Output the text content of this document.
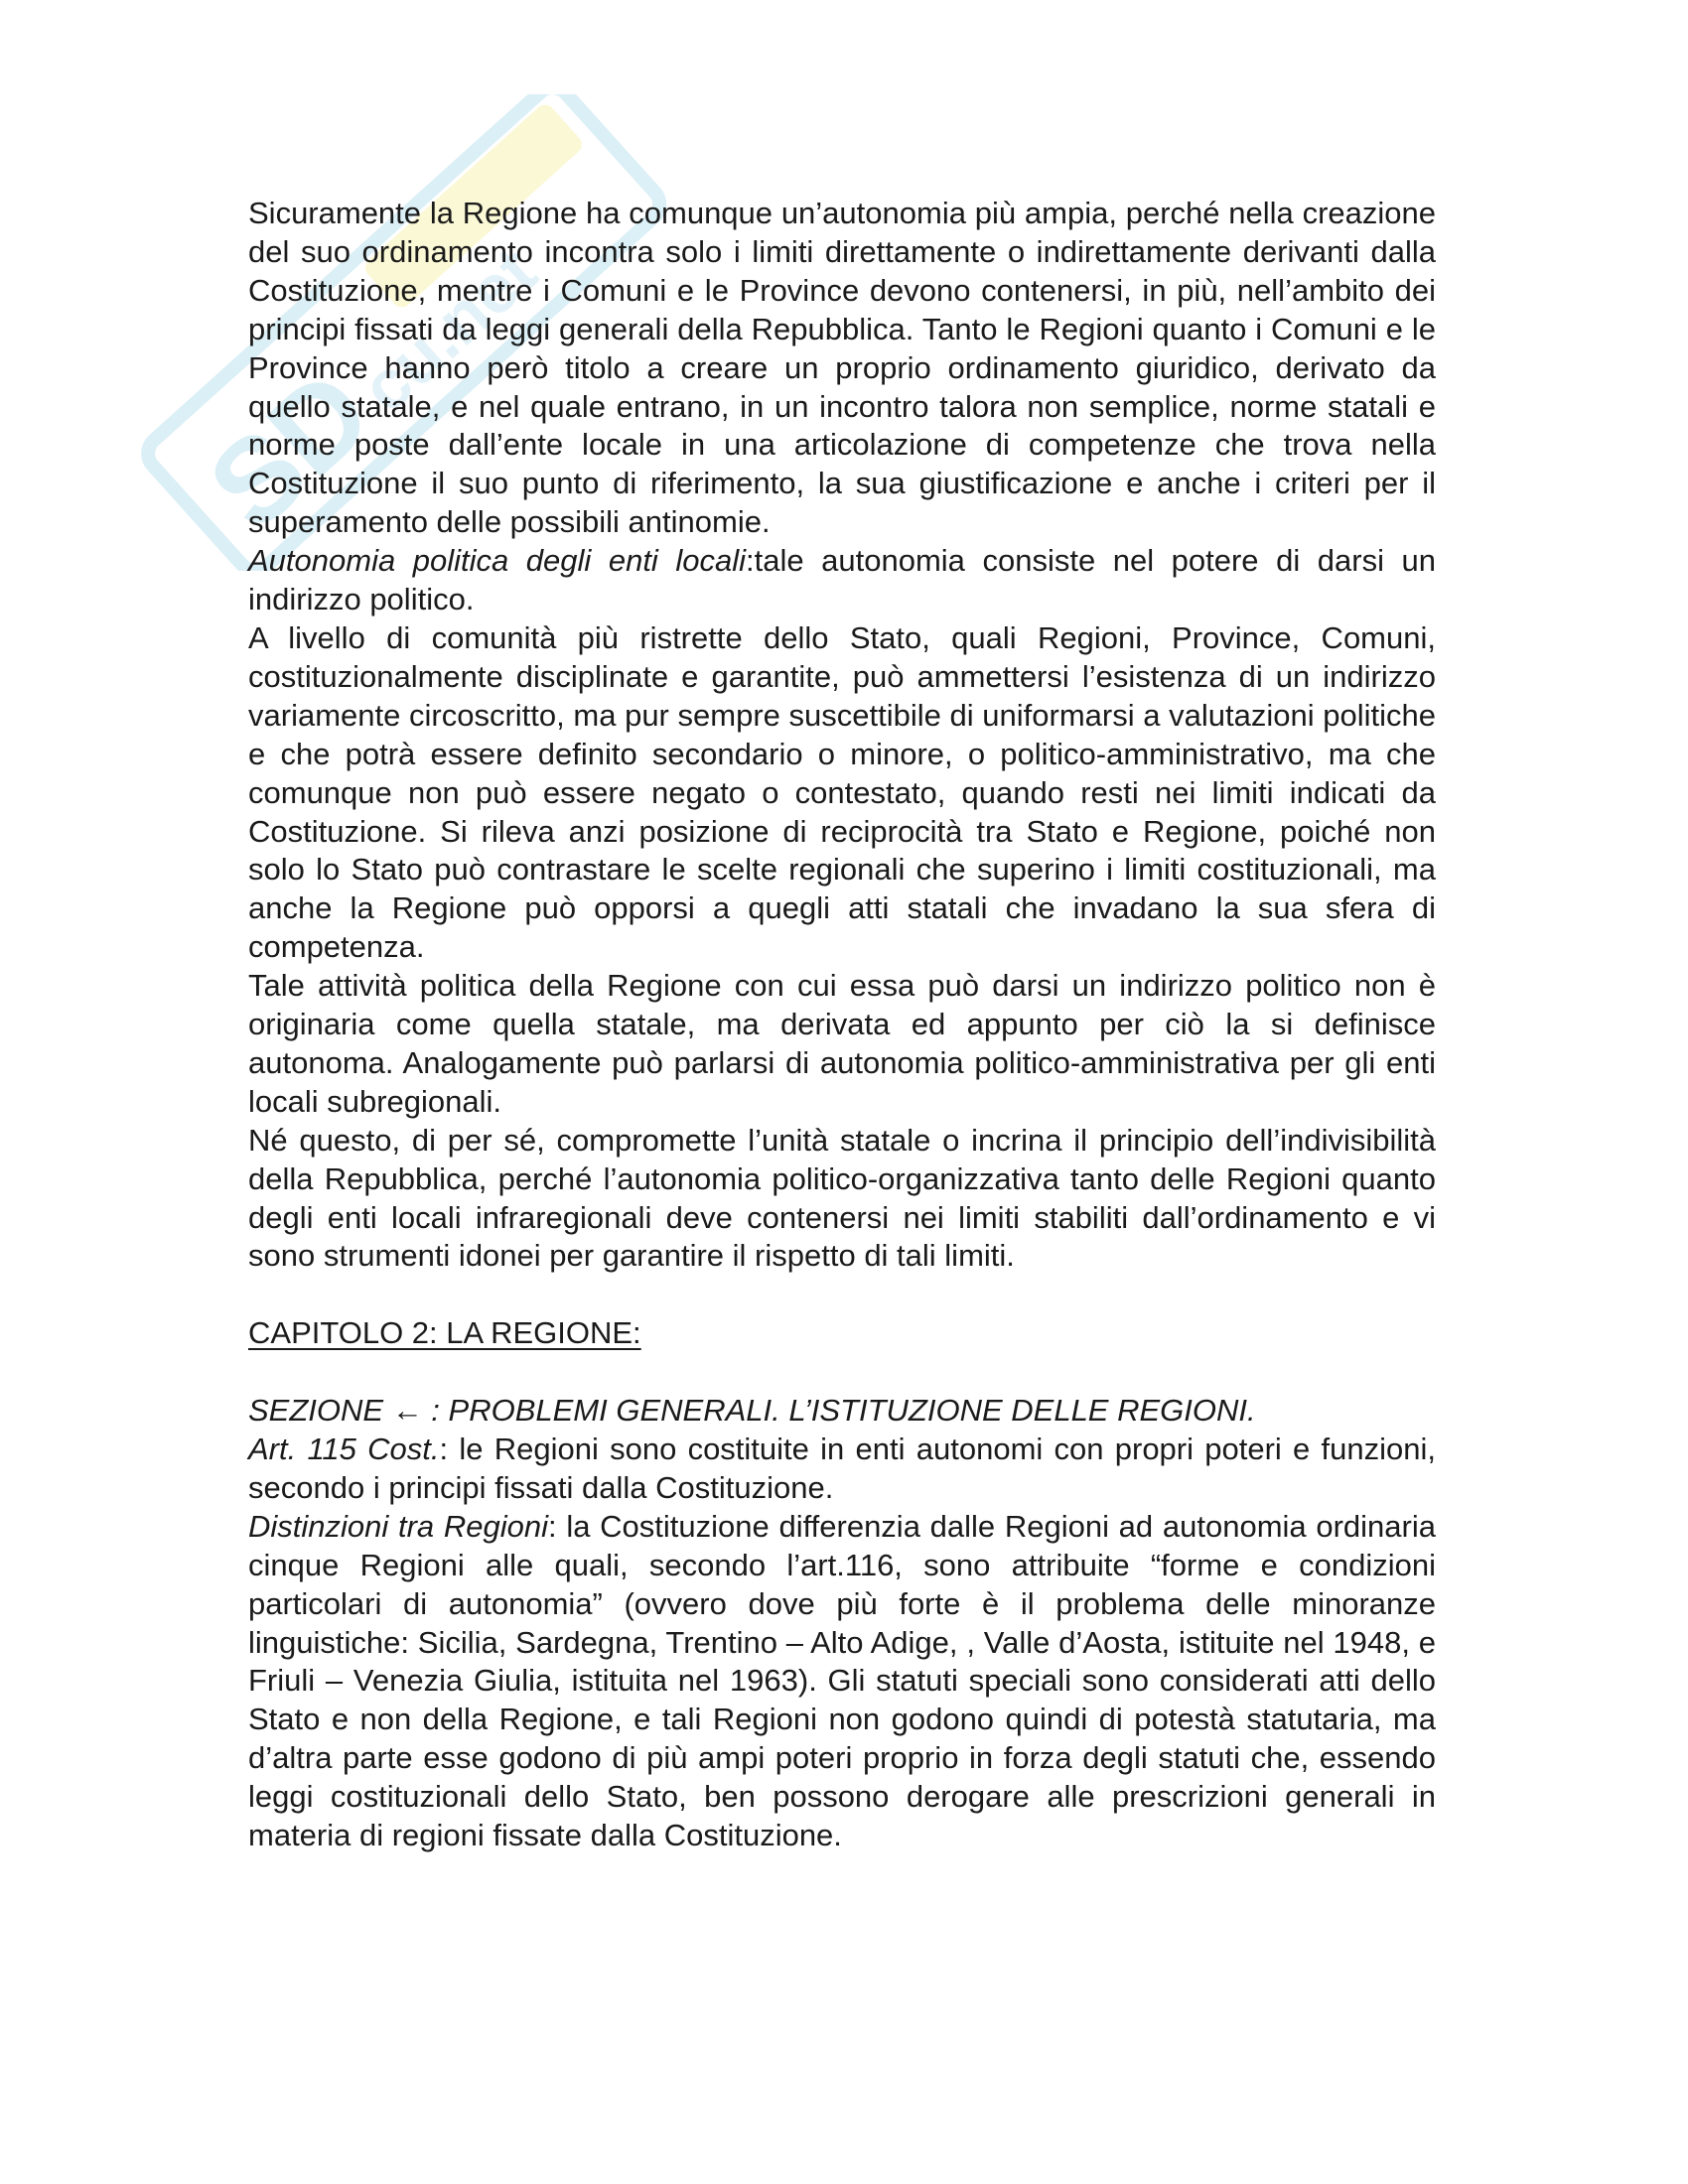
SD
cu.net

Sicuramente la Regione ha comunque un’autonomia più ampia, perché nella creazione del suo ordinamento incontra solo i limiti direttamente o indirettamente derivanti dalla Costituzione, mentre i Comuni e le Province devono contenersi, in più, nell’ambito dei principi fissati da leggi generali della Repubblica. Tanto le Regioni quanto i Comuni e le Province hanno però titolo a creare un proprio ordinamento giuridico, derivato da quello statale, e nel quale entrano, in un incontro talora non semplice, norme statali e norme poste dall’ente locale in una articolazione di competenze che trova nella Costituzione il suo punto di riferimento, la sua giustificazione e anche i criteri per il superamento delle possibili antinomie.

Autonomia politica degli enti locali:tale autonomia consiste nel potere di darsi un indirizzo politico.

A livello di comunità più ristrette dello Stato, quali Regioni, Province, Comuni, costituzionalmente disciplinate e garantite, può ammettersi l’esistenza di un indirizzo variamente circoscritto, ma pur sempre suscettibile di uniformarsi a valutazioni politiche e che potrà essere definito secondario o minore, o politico-amministrativo, ma che comunque non può essere negato o contestato, quando resti nei limiti indicati da Costituzione. Si rileva anzi posizione di reciprocità tra Stato e Regione, poiché non solo lo Stato può contrastare le scelte regionali che superino i limiti costituzionali, ma anche la Regione può opporsi a quegli atti statali che invadano la sua sfera di competenza.

Tale attività politica della Regione con cui essa può darsi un indirizzo politico non è originaria come quella statale, ma derivata ed appunto per ciò la si definisce autonoma. Analogamente può parlarsi di autonomia politico-amministrativa per gli enti locali subregionali.

Né questo, di per sé, compromette l’unità statale o incrina il principio dell’indivisibilità della Repubblica, perché l’autonomia politico-organizzativa tanto delle Regioni quanto degli enti locali infraregionali deve contenersi nei limiti stabiliti dall’ordinamento e vi sono strumenti idonei per garantire il rispetto di tali limiti.

CAPITOLO 2: LA REGIONE:

SEZIONE ← : PROBLEMI GENERALI. L’ISTITUZIONE DELLE REGIONI.

Art. 115 Cost.: le Regioni sono costituite in enti autonomi con propri poteri e funzioni, secondo i principi fissati dalla Costituzione.

Distinzioni tra Regioni: la Costituzione differenzia dalle Regioni ad autonomia ordinaria cinque Regioni alle quali, secondo l’art.116, sono attribuite “forme e condizioni particolari di autonomia” (ovvero dove più forte è il problema delle minoranze linguistiche: Sicilia, Sardegna, Trentino – Alto Adige, , Valle d’Aosta, istituite nel 1948, e Friuli – Venezia Giulia, istituita nel 1963). Gli statuti speciali sono considerati atti dello Stato e non della Regione, e tali Regioni non godono quindi di potestà statutaria, ma d’altra parte esse godono di più ampi poteri proprio in forza degli statuti che, essendo leggi costituzionali dello Stato, ben possono derogare alle prescrizioni generali in materia di regioni fissate dalla Costituzione.
